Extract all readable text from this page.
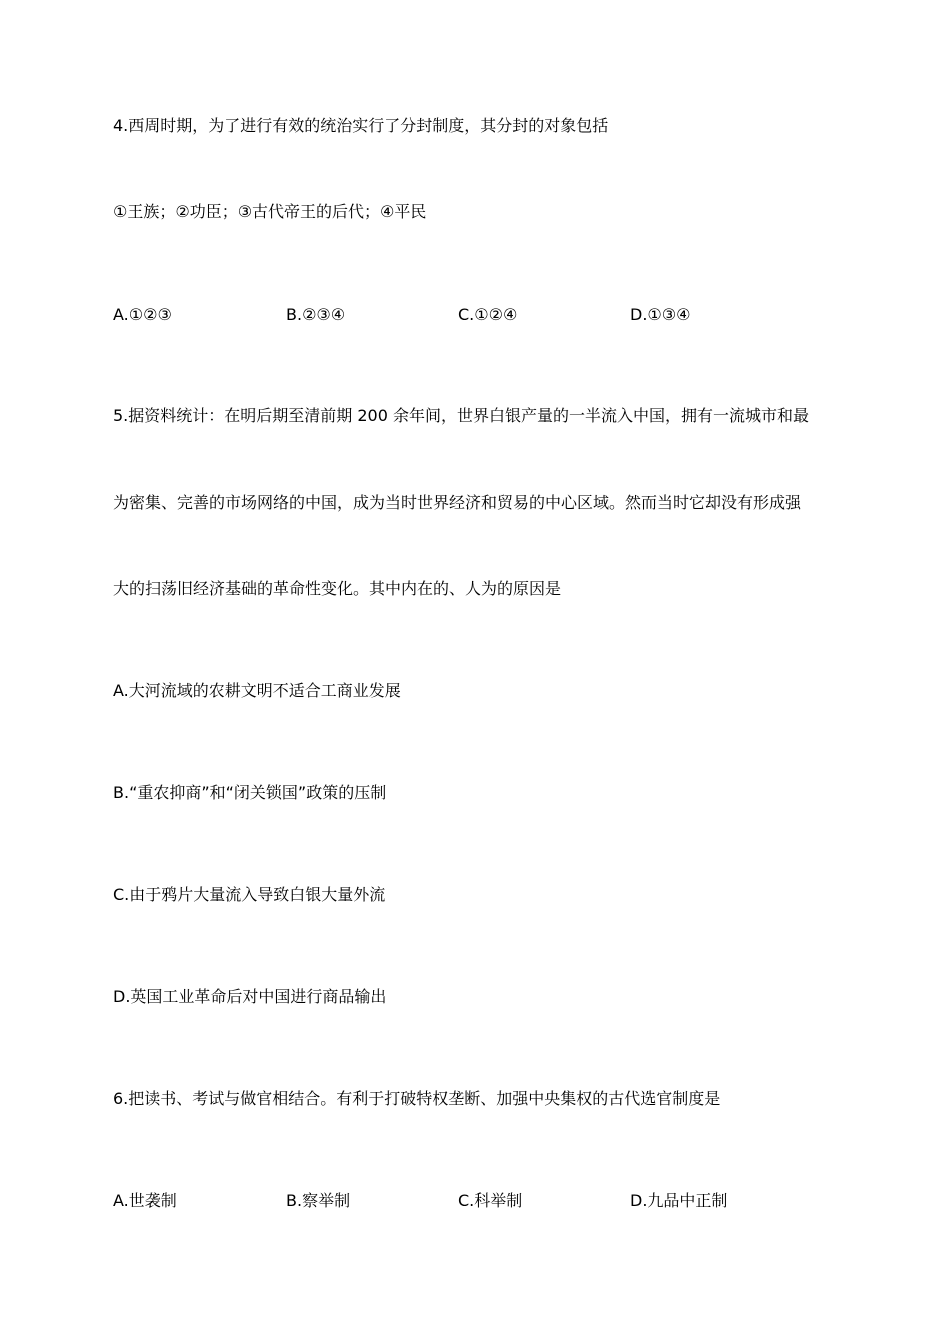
4.西周时期，为了进行有效的统治实行了分封制度，其分封的对象包括
①王族；②功臣；③古代帝王的后代；④平民
A.①②③	B.②③④	C.①②④	D.①③④
5.据资料统计：在明后期至清前期 200 余年间，世界白银产量的一半流入中国，拥有一流城市和最
为密集、完善的市场网络的中国，成为当时世界经济和贸易的中心区域。然而当时它却没有形成强
大的扫荡旧经济基础的革命性变化。其中内在的、人为的原因是
A.大河流域的农耕文明不适合工商业发展
B.“重农抑商”和“闭关锁国”政策的压制
C.由于鸦片大量流入导致白银大量外流
D.英国工业革命后对中国进行商品输出
6.把读书、考试与做官相结合。有利于打破特权垄断、加强中央集权的古代选官制度是
A.世袭制	B.察举制	C.科举制	D.九品中正制
